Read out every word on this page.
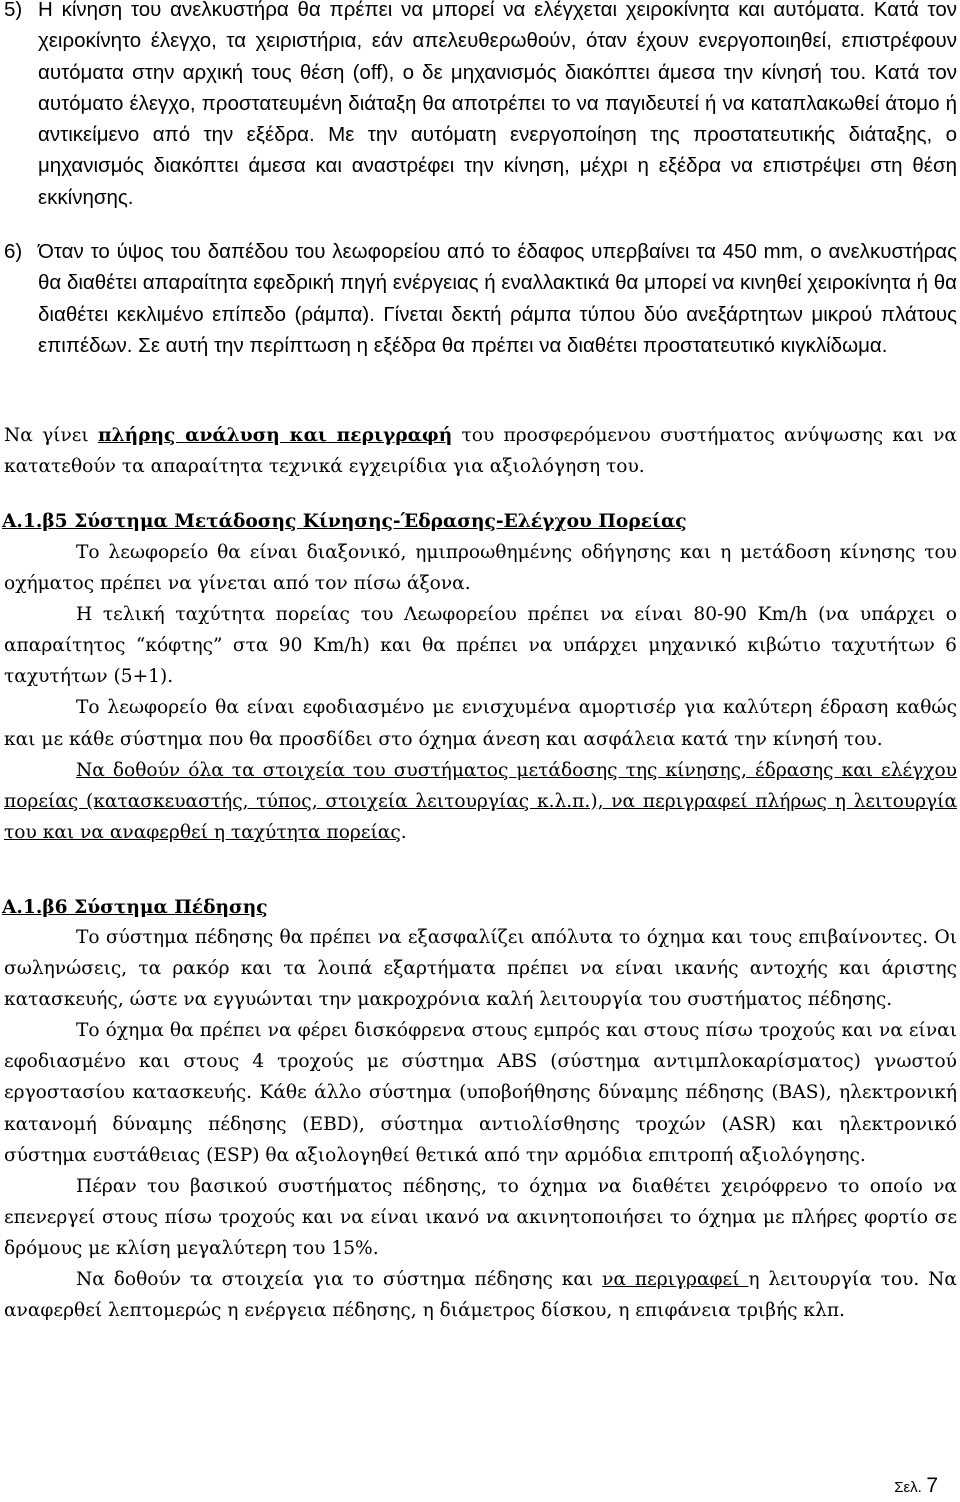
5) Η κίνηση του ανελκυστήρα θα πρέπει να μπορεί να ελέγχεται χειροκίνητα και αυτόματα. Κατά τον χειροκίνητο έλεγχο, τα χειριστήρια, εάν απελευθερωθούν, όταν έχουν ενεργοποιηθεί, επιστρέφουν αυτόματα στην αρχική τους θέση (off), ο δε μηχανισμός διακόπτει άμεσα την κίνησή του. Κατά τον αυτόματο έλεγχο, προστατευμένη διάταξη θα αποτρέπει το να παγιδευτεί ή να καταπλακωθεί άτομο ή αντικείμενο από την εξέδρα. Με την αυτόματη ενεργοποίηση της προστατευτικής διάταξης, ο μηχανισμός διακόπτει άμεσα και αναστρέφει την κίνηση, μέχρι η εξέδρα να επιστρέψει στη θέση εκκίνησης.

6) Όταν το ύψος του δαπέδου του λεωφορείου από το έδαφος υπερβαίνει τα 450 mm, ο ανελκυστήρας θα διαθέτει απαραίτητα εφεδρική πηγή ενέργειας ή εναλλακτικά θα μπορεί να κινηθεί χειροκίνητα ή θα διαθέτει κεκλιμένο επίπεδο (ράμπα). Γίνεται δεκτή ράμπα τύπου δύο ανεξάρτητων μικρού πλάτους επιπέδων. Σε αυτή την περίπτωση η εξέδρα θα πρέπει να διαθέτει προστατευτικό κιγκλίδωμα.

Να γίνει πλήρης ανάλυση και περιγραφή του προσφερόμενου συστήματος ανύψωσης και να κατατεθούν τα απαραίτητα τεχνικά εγχειρίδια για αξιολόγηση του.

Α.1.β5 Σύστημα Μετάδοσης Κίνησης-Έδρασης-Ελέγχου Πορείας

Το λεωφορείο θα είναι διαξονικό, ημιπροωθημένης οδήγησης και η μετάδοση κίνησης του οχήματος πρέπει να γίνεται από τον πίσω άξονα.

Η τελική ταχύτητα πορείας του Λεωφορείου πρέπει να είναι 80-90 Km/h (να υπάρχει ο απαραίτητος “κόφτης” στα 90 Km/h) και θα πρέπει να υπάρχει μηχανικό κιβώτιο ταχυτήτων 6 ταχυτήτων (5+1).

Το λεωφορείο θα είναι εφοδιασμένο με ενισχυμένα αμορτισέρ για καλύτερη έδραση καθώς και με κάθε σύστημα που θα προσδίδει στο όχημα άνεση και ασφάλεια κατά την κίνησή του.

Να δοθούν όλα τα στοιχεία του συστήματος μετάδοσης της κίνησης, έδρασης και ελέγχου πορείας (κατασκευαστής, τύπος, στοιχεία λειτουργίας κ.λ.π.), να περιγραφεί πλήρως η λειτουργία του και να αναφερθεί η ταχύτητα πορείας.

Α.1.β6 Σύστημα Πέδησης

Το σύστημα πέδησης θα πρέπει να εξασφαλίζει απόλυτα το όχημα και τους επιβαίνοντες. Οι σωληνώσεις, τα ρακόρ και τα λοιπά εξαρτήματα πρέπει να είναι ικανής αντοχής και άριστης κατασκευής, ώστε να εγγυώνται την μακροχρόνια καλή λειτουργία του συστήματος πέδησης.

Το όχημα θα πρέπει να φέρει δισκόφρενα στους εμπρός και στους πίσω τροχούς και να είναι εφοδιασμένο και στους 4 τροχούς με σύστημα ABS (σύστημα αντιμπλοκαρίσματος) γνωστού εργοστασίου κατασκευής. Κάθε άλλο σύστημα (υποβοήθησης δύναμης πέδησης (BAS), ηλεκτρονική κατανομή δύναμης πέδησης (EBD), σύστημα αντιολίσθησης τροχών (ASR) και ηλεκτρονικό σύστημα ευστάθειας (ESP) θα αξιολογηθεί θετικά από την αρμόδια επιτροπή αξιολόγησης.

Πέραν του βασικού συστήματος πέδησης, το όχημα να διαθέτει χειρόφρενο το οποίο να επενεργεί στους πίσω τροχούς και να είναι ικανό να ακινητοποιήσει το όχημα με πλήρες φορτίο σε δρόμους με κλίση μεγαλύτερη του 15%.

Να δοθούν τα στοιχεία για το σύστημα πέδησης και να περιγραφεί η λειτουργία του. Να αναφερθεί λεπτομερώς η ενέργεια πέδησης, η διάμετρος δίσκου, η επιφάνεια τριβής κλπ.

Σελ. 7
